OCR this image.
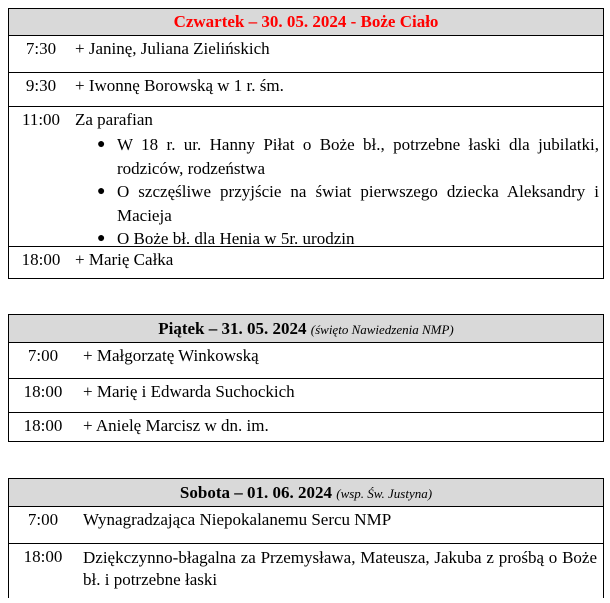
Czwartek – 30. 05. 2024 - Boże Ciało
7:30	+ Janinę, Juliana Zielińskich
9:30	+ Iwonnę Borowską w 1 r. śm.
11:00 Za parafian
● W 18 r. ur. Hanny Piłat o Boże bł., potrzebne łaski dla jubilatki, rodziców, rodzeństwa
● O szczęśliwe przyjście na świat pierwszego dziecka Aleksandry i Macieja
● O Boże bł. dla Henia w 5r. urodzin
18:00 + Marię Całka
Piątek – 31. 05. 2024 (święto Nawiedzenia NMP)
7:00	+ Małgorzatę Winkowską
18:00	+ Marię i Edwarda Suchockich
18:00	+ Anielę Marcisz w dn. im.
Sobota – 01. 06. 2024 (wsp. Św. Justyna)
7:00	Wynagradzająca Niepokalanemu Sercu NMP
18:00	Dziękczynno-błagalna za Przemysława, Mateusza, Jakuba z prośbą o Boże bł. i potrzebne łaski
